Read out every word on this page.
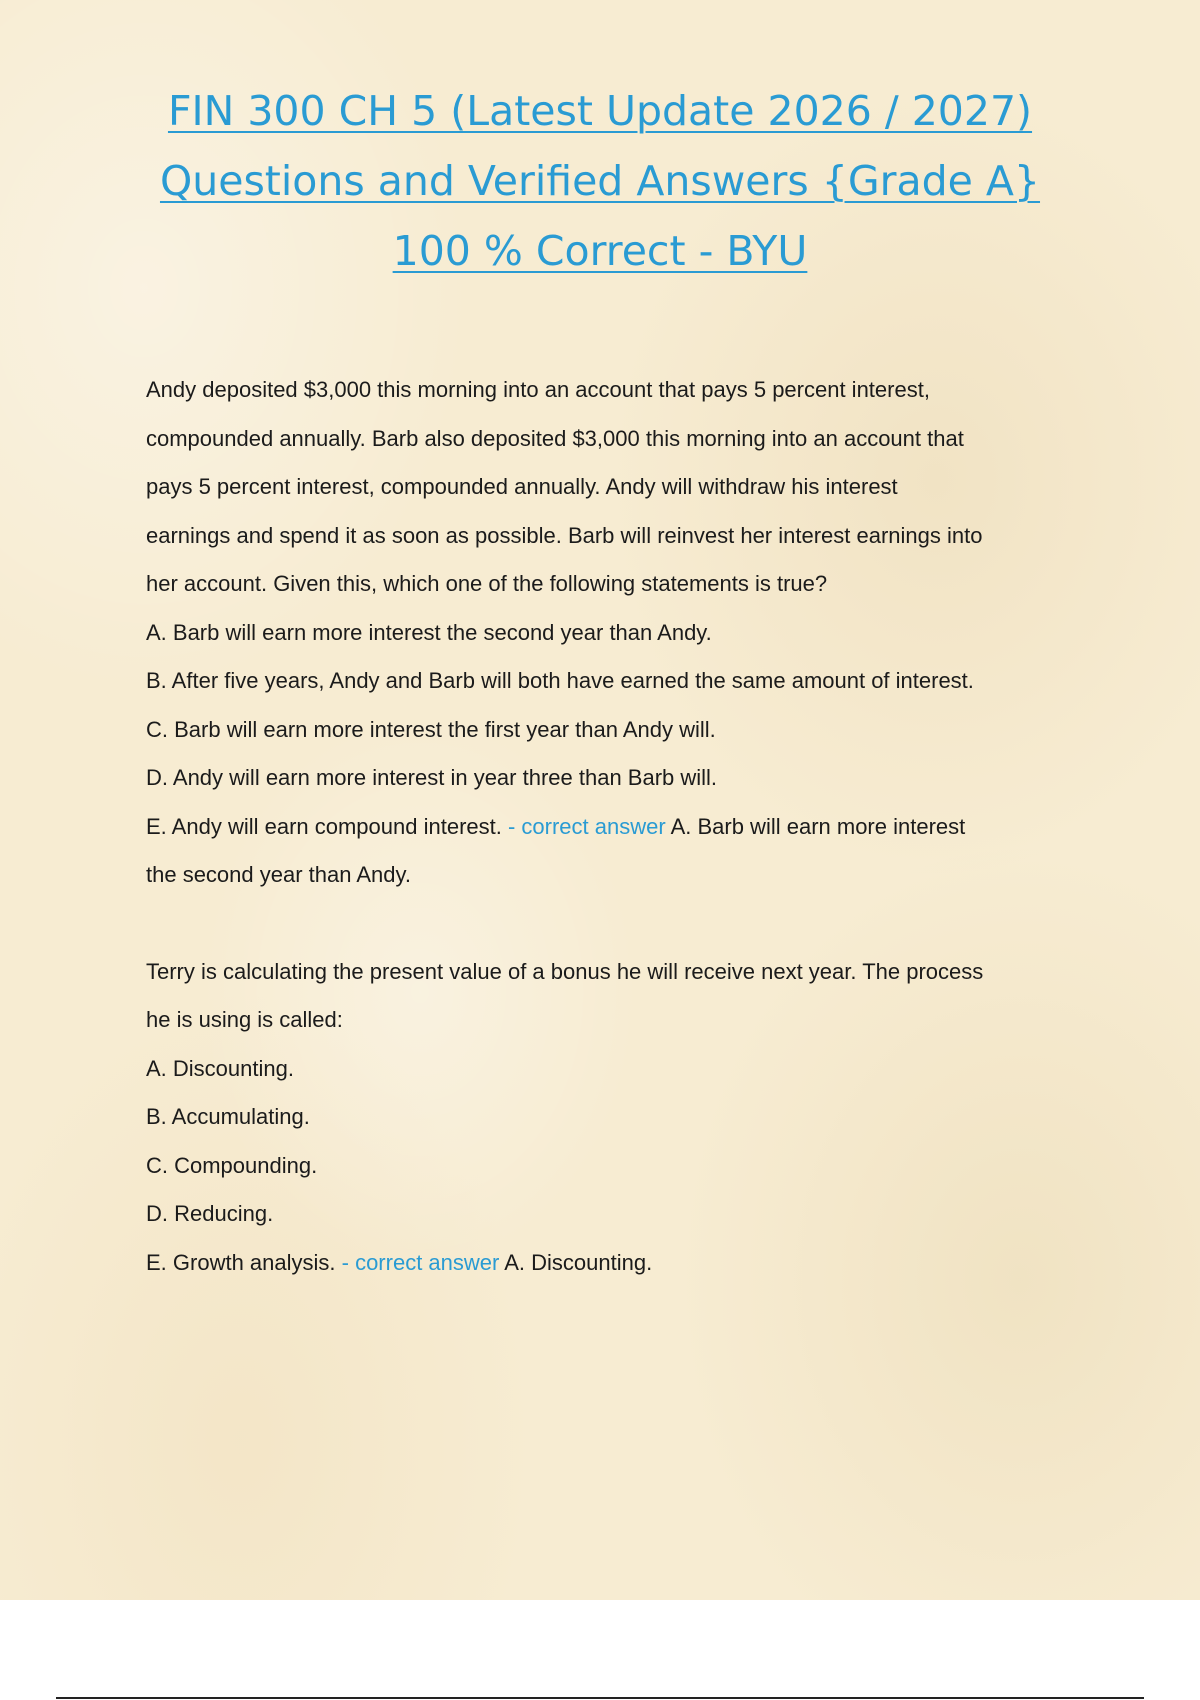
FIN 300 CH 5 (Latest Update 2026 / 2027)
Questions and Verified Answers {Grade A}
100 % Correct - BYU

Andy deposited $3,000 this morning into an account that pays 5 percent interest,

compounded annually. Barb also deposited $3,000 this morning into an account that

pays 5 percent interest, compounded annually. Andy will withdraw his interest

earnings and spend it as soon as possible. Barb will reinvest her interest earnings into

her account. Given this, which one of the following statements is true?

A. Barb will earn more interest the second year than Andy.

B. After five years, Andy and Barb will both have earned the same amount of interest.

C. Barb will earn more interest the first year than Andy will.

D. Andy will earn more interest in year three than Barb will.

E. Andy will earn compound interest. - correct answer A. Barb will earn more interest

the second year than Andy.

Terry is calculating the present value of a bonus he will receive next year. The process

he is using is called:

A. Discounting.

B. Accumulating.

C. Compounding.

D. Reducing.

E. Growth analysis. - correct answer A. Discounting.
